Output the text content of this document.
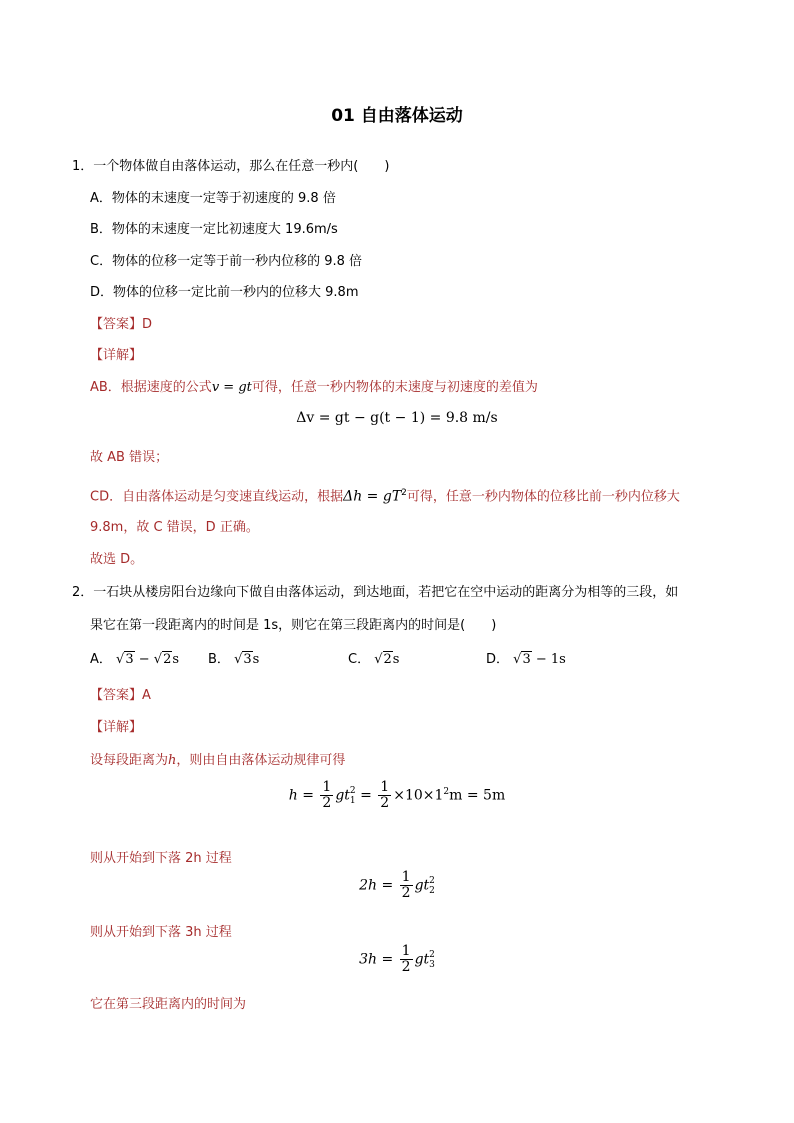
01 自由落体运动
1．一个物体做自由落体运动，那么在任意一秒内(　　)
A．物体的末速度一定等于初速度的 9.8 倍
B．物体的末速度一定比初速度大 19.6m/s
C．物体的位移一定等于前一秒内位移的 9.8 倍
D．物体的位移一定比前一秒内的位移大 9.8m
【答案】D
【详解】
AB．根据速度的公式v = gt可得，任意一秒内物体的末速度与初速度的差值为
Δv = gt − g(t − 1) = 9.8 m/s
故 AB 错误；
CD．自由落体运动是匀变速直线运动，根据$\Delta h = gT^2$可得，任意一秒内物体的位移比前一秒内位移大
9.8m，故 C 错误，D 正确。
故选 D。
2．一石块从楼房阳台边缘向下做自由落体运动，到达地面，若把它在空中运动的距离分为相等的三段，如
果它在第一段距离内的时间是 1s，则它在第三段距离内的时间是(　　)
A． √3 − √2s B． √3s	C． √2s	D． √3 − 1s
【答案】A
【详解】
设每段距离为h，则由自由落体运动规律可得
$h = \frac{1}{2}$ gt 2
$1 = \frac{1}{2} \times 10\times 1^2m = 5m$
则从开始到下落 2h 过程
$2h = \frac{1}{2}$ gt 2
2
则从开始到下落 3h 过程
$3h = \frac{1}{2}$ gt 2
3
它在第三段距离内的时间为
